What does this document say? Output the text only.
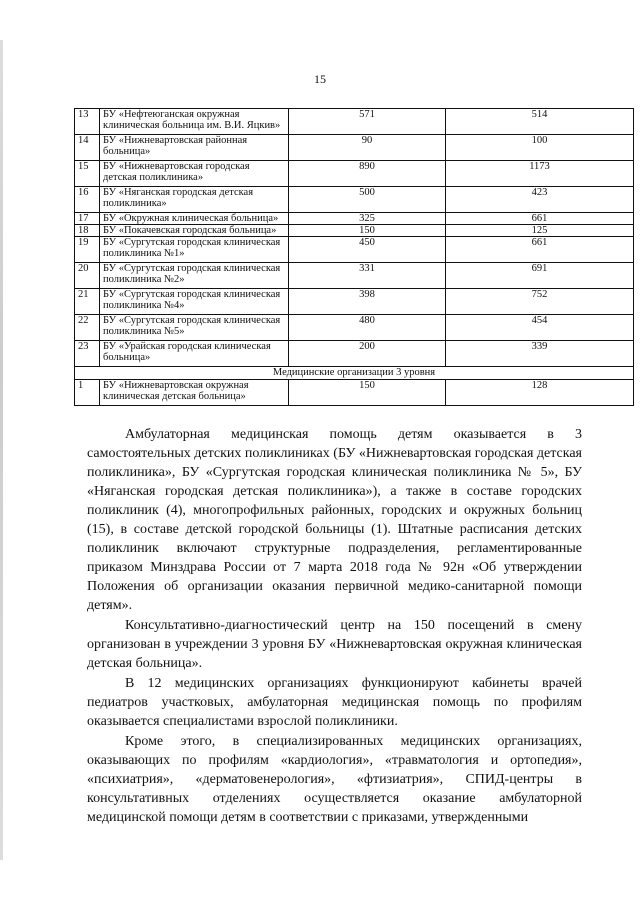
15
13	БУ «Нефтеюганская окружная клиническая больница им. В.И. Яцкив»	571	514
14	БУ «Нижневартовская районная больница»	90	100
15	БУ «Нижневартовская городская детская поликлиника»	890	1173
16	БУ «Няганская городская детская поликлиника»	500	423
17	БУ «Окружная клиническая больница»	325	661
18	БУ «Покачевская городская больница»	150	125
19	БУ «Сургутская городская клиническая поликлиника №1»	450	661
20	БУ «Сургутская городская клиническая поликлиника №2»	331	691
21	БУ «Сургутская городская клиническая поликлиника №4»	398	752
22	БУ «Сургутская городская клиническая поликлиника №5»	480	454
23	БУ «Урайская городская клиническая больница»	200	339
Медицинские организации 3 уровня			
1	БУ «Нижневартовская окружная клиническая детская больница»	150	128

Амбулаторная медицинская помощь детям оказывается в 3 самостоятельных детских поликлиниках (БУ «Нижневартовская городская детская поликлиника», БУ «Сургутская городская клиническая поликлиника № 5», БУ «Няганская городская детская поликлиника»), а также в составе городских поликлиник (4), многопрофильных районных, городских и окружных больниц (15), в составе детской городской больницы (1). Штатные расписания детских поликлиник включают структурные подразделения, регламентированные приказом Минздрава России от 7 марта 2018 года № 92н «Об утверждении Положения об организации оказания первичной медико-санитарной помощи детям».

Консультативно-диагностический центр на 150 посещений в смену организован в учреждении 3 уровня БУ «Нижневартовская окружная клиническая детская больница».

В 12 медицинских организациях функционируют кабинеты врачей педиатров участковых, амбулаторная медицинская помощь по профилям оказывается специалистами взрослой поликлиники.

Кроме этого, в специализированных медицинских организациях, оказывающих по профилям «кардиология», «травматология и ортопедия», «психиатрия», «дерматовенерология», «фтизиатрия», СПИД-центры в консультативных отделениях осуществляется оказание амбулаторной медицинской помощи детям в соответствии с приказами, утвержденными
